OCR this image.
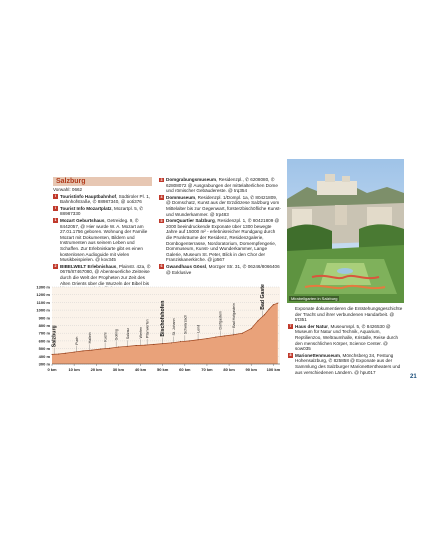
Salzburg
Vorwahl: 0662
i Touristinfo Hauptbahnhof, Südtiroler Pl. 1, Bahnhofstraße, ✆ 88987340, @ ooti376
i Tourist Info Mozartplatz, Mozartpl. 5, ✆ 88987330
1 Mozart Geburtshaus, Getreideg. 9, ✆ 8442057, @ Hier wurde W. A. Mozart am 27.01.1756 geboren. Wohnung der Familie Mozart mit Dokumenten, Bildern und Instrumenten aus seinem Leben und Schaffen. Zur Erlebniskarte gibt es einen kostenlosen Audioguide mit vielen Musikbeispielen. @ kov345
2 BIBELWELT Erlebnishaus, Plainstr. 42a, ✆ 0676/87467080, @ Abenteuerliche Zeitreise durch die Welt der Propheten zur Zeit des Alten Orients über die Wurzeln der Bibel bis
3 Domgrabungsmuseum, Residenzpl., ✆ 6208080, ✆ 62808072 @ Ausgrabungen der mittelalterlichen Dome und römischer Gebäudereste. @ trq354
4 Dommuseum, Residenzpl. 1/Dompl. 1a, ✆ 80421809, @ Domschatz, Kunst aus der Erzdiözese Salzburg vom Mittelalter bis zur Gegenwart, fürsterzbischöfliche Kunst- und Wunderkammer. @ trp483
5 DomQuartier Salzburg, Residenzpl. 1, ✆ 80421809 @ 2000 beeindruckende Exponate über 1300 bewegte Jahre auf 15000 m² - erlebnisreicher Rundgang durch die Prunkräume der Residenz, Residenzgalerie, Dombogenterrasse, Nordoratorium, Domempfengerie, Dommuseum, Kunst- und Wunderkammer, Lange Galerie, Museum St. Peter, Blick in den Chor der Franziskanerkirche. @ jp567
6 Gwandhaus Gössl, Morzger Str. 31, ✆ 06246/8066406 @ Exklusive
Mirabellgarten in Salzburg
Exponate dokumentieren die Entstehungsgeschichte der Tracht und ihrer verbundenen Handarbeit. @ trt351
7 Haus der Natur, Museumspl. 5, ✆ 8426530 @ Museum für Natur und Technik, Aquarium, Reptilienzoo, Weltraumhalle, Kristalle, Reise durch den menschlichen Körper, Science Center. @ sow035
8 Marionettenmuseum, Mönchsberg 34, Festung Hohensalzburg, ✆ 825858 @ Exponate aus der Sammlung des Salzburger Marionettentheaters und aus verschiedenen Ländern. @ hpu017
300 m
400 m
500 m
600 m
700 m
800 m
900 m
1000 m
1100 m
1200 m
1300 m
0 km	10 km	20 km	30 km	40 km	50 km	60 km	70 km	80 km	90 km 100 km
Salzburg	Puch	Hallein	Kuchl Golling Sulzau	Werfen Pfarrwerfen Bischofshofen St. Johann Schwarzach	Lend	Dorfgastein	Bad Hofgastein
Bad Gastein
21
